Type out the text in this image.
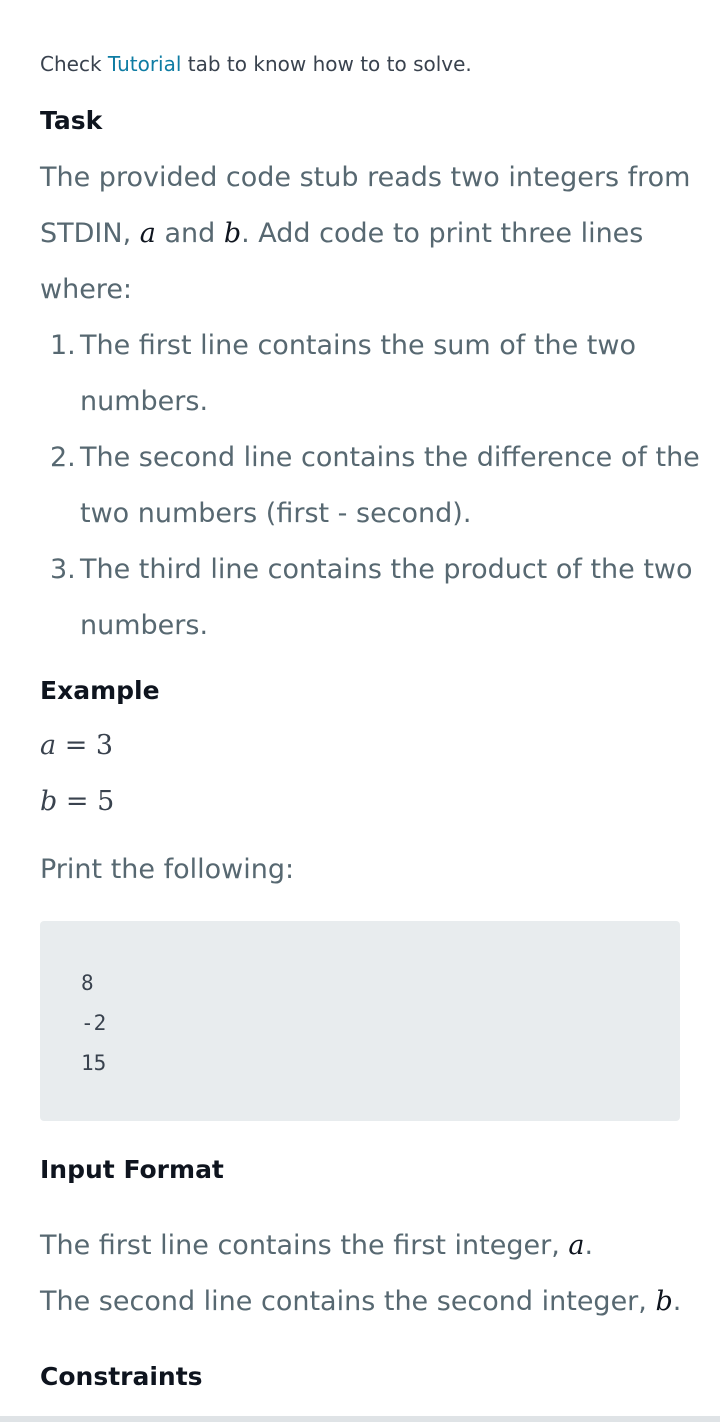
Check Tutorial tab to know how to to solve.
Task
The provided code stub reads two integers from
STDIN, a and b. Add code to print three lines
where:
1. The first line contains the sum of the two
numbers.
2. The second line contains the difference of the
two numbers (first - second).
3. The third line contains the product of the two
numbers.
Example
a = 3
b = 5
Print the following:
8
-2
15
Input Format
The first line contains the first integer, a.
The second line contains the second integer, b.
Constraints
